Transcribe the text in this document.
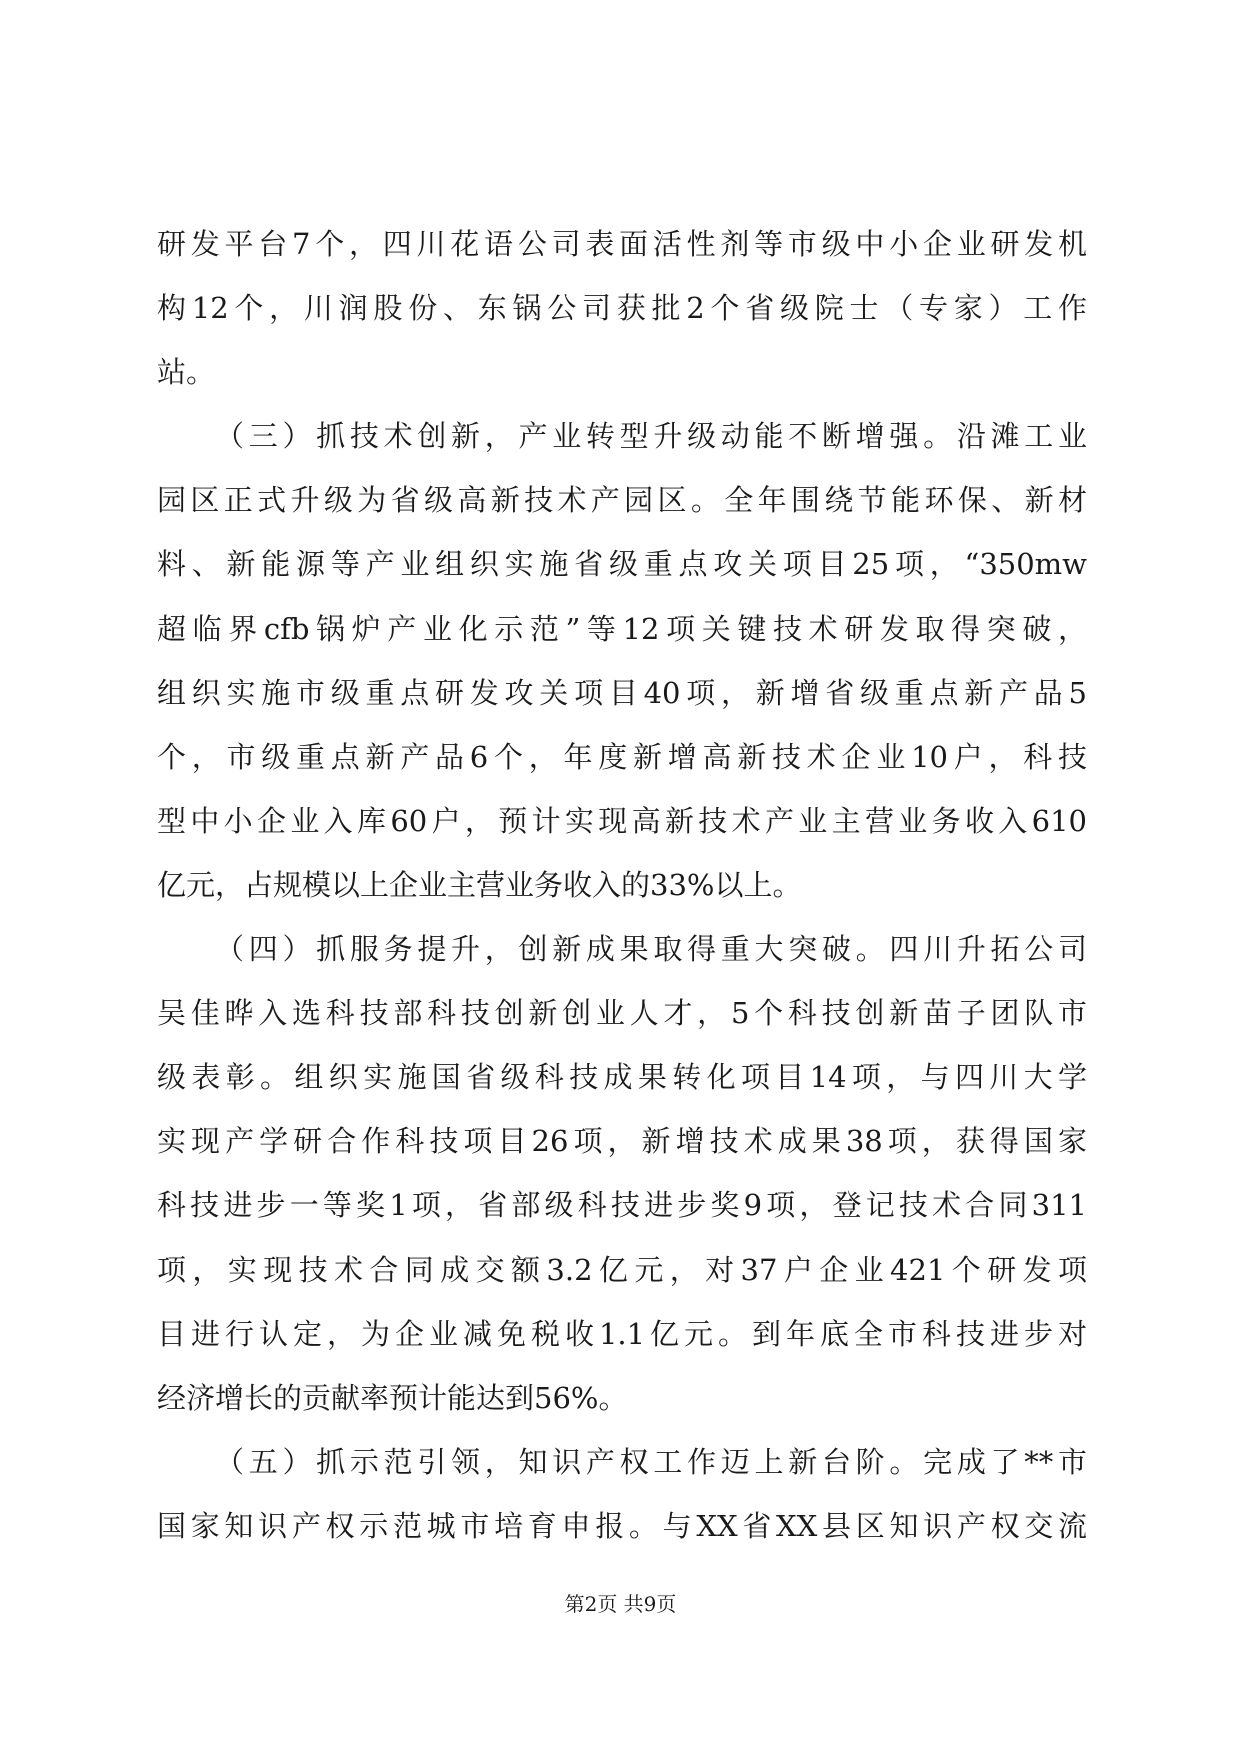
研发平台7个，四川花语公司表面活性剂等市级中小企业研发机
构12个，川润股份、东锅公司获批2个省级院士（专家）工作
站。
（三）抓技术创新，产业转型升级动能不断增强。沿滩工业
园区正式升级为省级高新技术产园区。全年围绕节能环保、新材
料、新能源等产业组织实施省级重点攻关项目25项，“350mw
超临界cfb锅炉产业化示范”等12项关键技术研发取得突破，
组织实施市级重点研发攻关项目40项，新增省级重点新产品5
个，市级重点新产品6个，年度新增高新技术企业10户，科技
型中小企业入库60户，预计实现高新技术产业主营业务收入610
亿元，占规模以上企业主营业务收入的33%以上。
（四）抓服务提升，创新成果取得重大突破。四川升拓公司
吴佳晔入选科技部科技创新创业人才，5个科技创新苗子团队市
级表彰。组织实施国省级科技成果转化项目14项，与四川大学
实现产学研合作科技项目26项，新增技术成果38项，获得国家
科技进步一等奖1项，省部级科技进步奖9项，登记技术合同311
项，实现技术合同成交额3.2亿元，对37户企业421个研发项
目进行认定，为企业减免税收1.1亿元。到年底全市科技进步对
经济增长的贡献率预计能达到56%。
（五）抓示范引领，知识产权工作迈上新台阶。完成了**市
国家知识产权示范城市培育申报。与XX省XX县区知识产权交流
第2页 共9页
